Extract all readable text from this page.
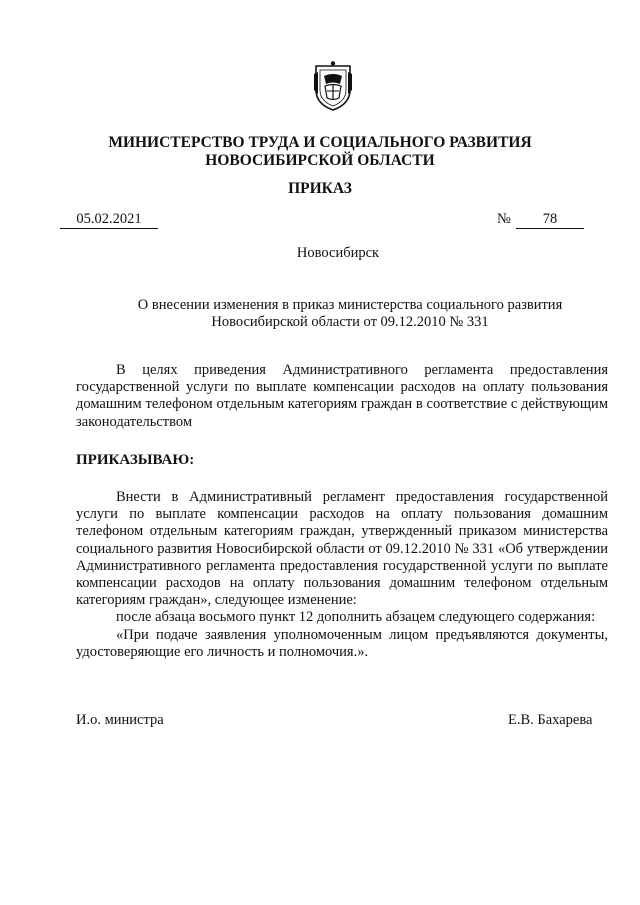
МИНИСТЕРСТВО ТРУДА И СОЦИАЛЬНОГО РАЗВИТИЯ
НОВОСИБИРСКОЙ ОБЛАСТИ
ПРИКАЗ
05.02.2021	№	78
Новосибирск
О внесении изменения в приказ министерства социального развития
Новосибирской области от 09.12.2010 № 331

В целях приведения Административного регламента предоставления государственной услуги по выплате компенсации расходов на оплату пользования домашним телефоном отдельным категориям граждан в соответствие с действующим законодательством

ПРИКАЗЫВАЮ:

Внести в Административный регламент предоставления государственной услуги по выплате компенсации расходов на оплату пользования домашним телефоном отдельным категориям граждан, утвержденный приказом министерства социального развития Новосибирской области от 09.12.2010 № 331 «Об утверждении Административного регламента предоставления государственной услуги по выплате компенсации расходов на оплату пользования домашним телефоном отдельным категориям граждан», следующее изменение:

после абзаца восьмого пункт 12 дополнить абзацем следующего содержания:

«При подаче заявления уполномоченным лицом предъявляются документы, удостоверяющие его личность и полномочия.».

И.о. министра	Е.В. Бахарева
